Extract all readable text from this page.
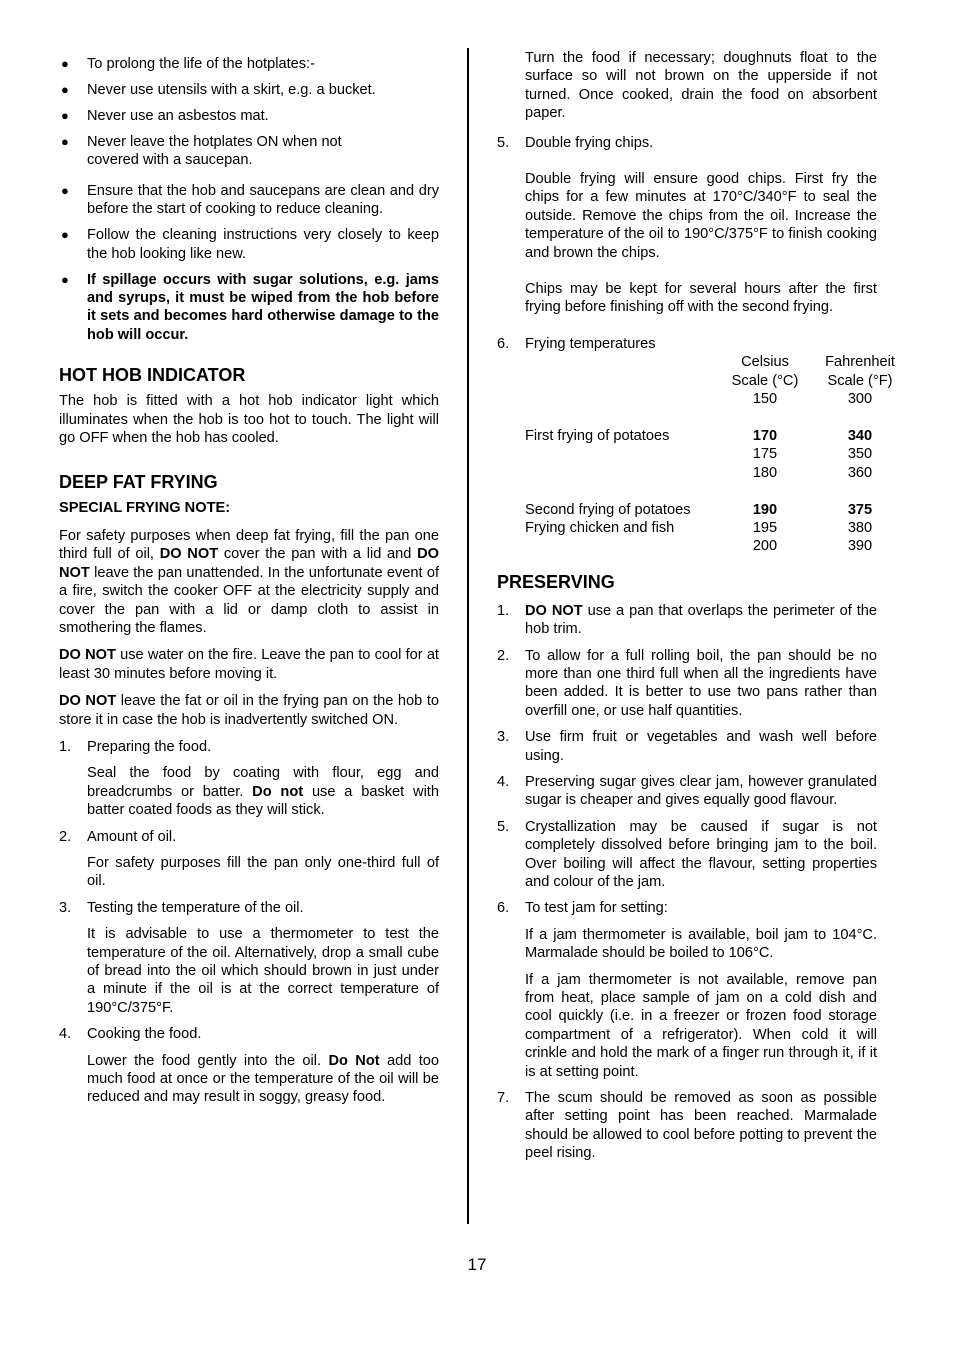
● To prolong the life of the hotplates:-
● Never use utensils with a skirt, e.g. a bucket.
● Never use an asbestos mat.
● Never leave the hotplates ON when not covered with a saucepan.
● Ensure that the hob and saucepans are clean and dry before the start of cooking to reduce cleaning.
● Follow the cleaning instructions very closely to keep the hob looking like new.
● If spillage occurs with sugar solutions, e.g. jams and syrups, it must be wiped from the hob before it sets and becomes hard otherwise damage to the hob will occur.
HOT HOB INDICATOR

The hob is fitted with a hot hob indicator light which illuminates when the hob is too hot to touch. The light will go OFF when the hob has cooled.

DEEP FAT FRYING
SPECIAL FRYING NOTE:

For safety purposes when deep fat frying, fill the pan one third full of oil, DO NOT cover the pan with a lid and DO NOT leave the pan unattended. In the unfortunate event of a fire, switch the cooker OFF at the electricity supply and cover the pan with a lid or damp cloth to assist in smothering the flames.

DO NOT use water on the fire. Leave the pan to cool for at least 30 minutes before moving it.

DO NOT leave the fat or oil in the frying pan on the hob to store it in case the hob is inadvertently switched ON.

1. Preparing the food.

Seal the food by coating with flour, egg and breadcrumbs or batter. Do not use a basket with batter coated foods as they will stick.

2. Amount of oil.

For safety purposes fill the pan only one-third full of oil.

3. Testing the temperature of the oil.

It is advisable to use a thermometer to test the temperature of the oil. Alternatively, drop a small cube of bread into the oil which should brown in just under a minute if the oil is at the correct temperature of 190°C/375°F.

4. Cooking the food.

Lower the food gently into the oil. Do Not add too much food at once or the temperature of the oil will be reduced and may result in soggy, greasy food.

Turn the food if necessary; doughnuts float to the surface so will not brown on the upperside if not turned. Once cooked, drain the food on absorbent paper.

5. Double frying chips.

Double frying will ensure good chips. First fry the chips for a few minutes at 170°C/340°F to seal the outside. Remove the chips from the oil. Increase the temperature of the oil to 190°C/375°F to finish cooking and brown the chips.

Chips may be kept for several hours after the first frying before finishing off with the second frying.

6. Frying temperatures
	Celsius	Fahrenheit
	Scale (°C)	Scale (°F)
	150	300

First frying of potatoes	170	340
	175	350
	180	360

Second frying of potatoes	190	375
Frying chicken and fish	195	380
	200	390
PRESERVING
1. DO NOT use a pan that overlaps the perimeter of the hob trim.
2. To allow for a full rolling boil, the pan should be no more than one third full when all the ingredients have been added. It is better to use two pans rather than overfill one, or use half quantities.
3. Use firm fruit or vegetables and wash well before using.
4. Preserving sugar gives clear jam, however granulated sugar is cheaper and gives equally good flavour.
5. Crystallization may be caused if sugar is not completely dissolved before bringing jam to the boil. Over boiling will affect the flavour, setting properties and colour of the jam.
6. To test jam for setting:

If a jam thermometer is available, boil jam to 104°C. Marmalade should be boiled to 106°C.

If a jam thermometer is not available, remove pan from heat, place sample of jam on a cold dish and cool quickly (i.e. in a freezer or frozen food storage compartment of a refrigerator). When cold it will crinkle and hold the mark of a finger run through it, if it is at setting point.

7. The scum should be removed as soon as possible after setting point has been reached. Marmalade should be allowed to cool before potting to prevent the peel rising.
17
